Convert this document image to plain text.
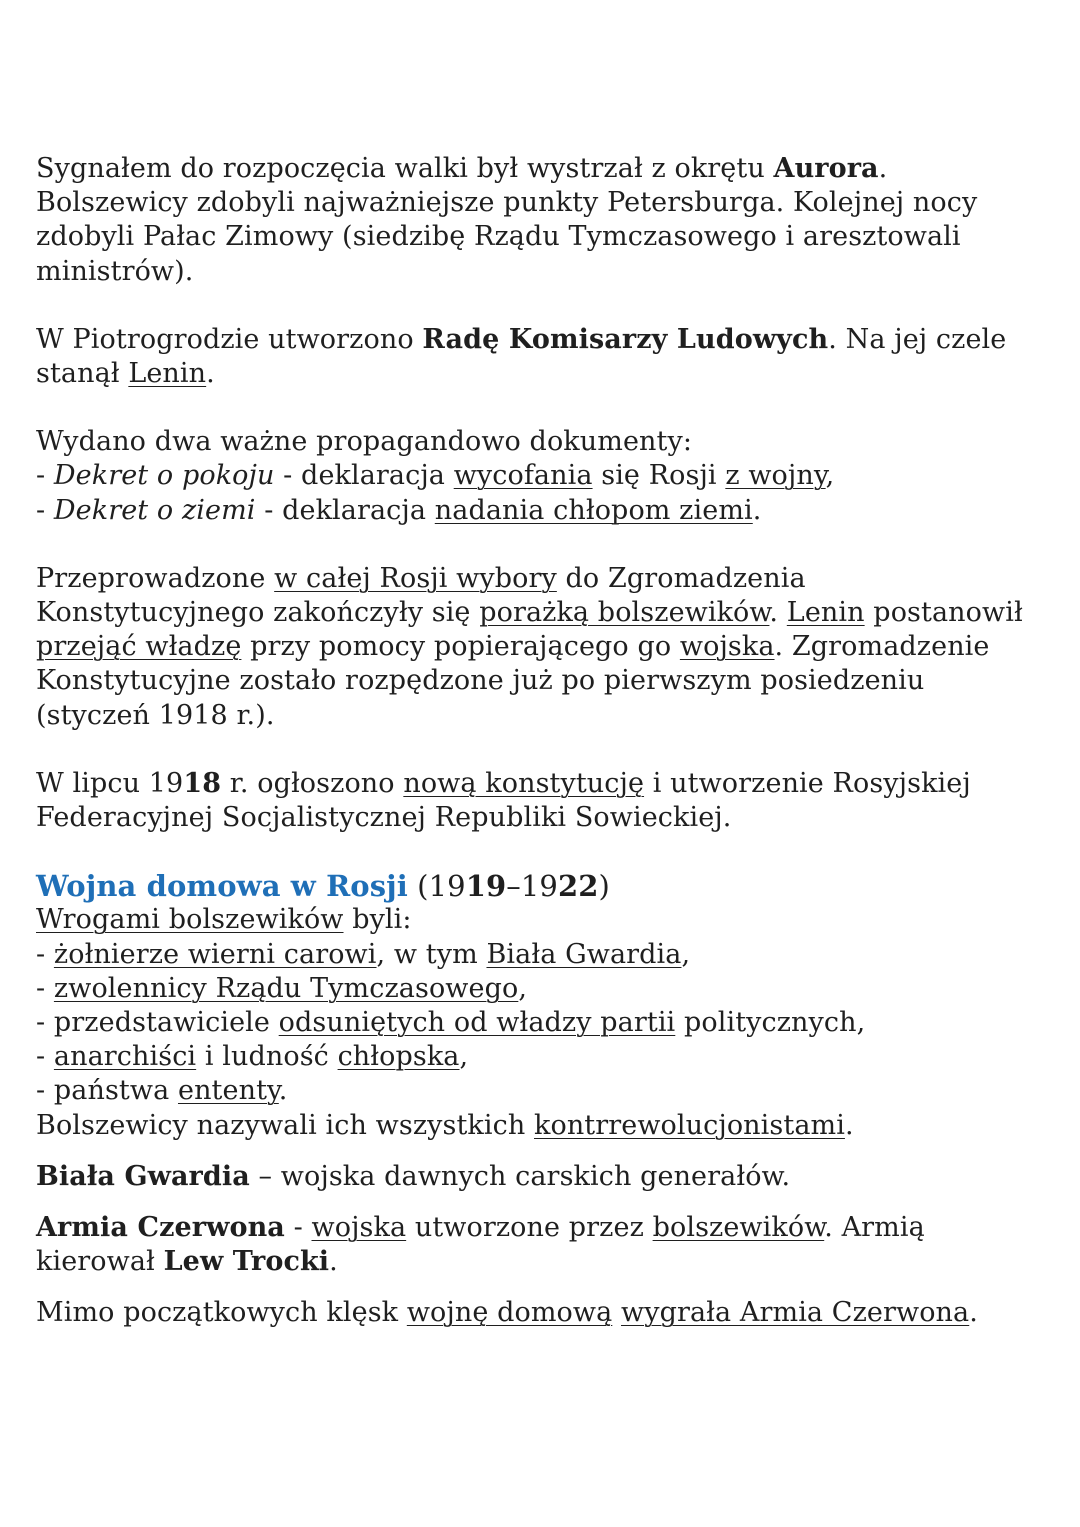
Sygnałem do rozpoczęcia walki był wystrzał z okrętu Aurora. Bolszewicy zdobyli najważniejsze punkty Petersburga. Kolejnej nocy zdobyli Pałac Zimowy (siedzibę Rządu Tymczasowego i aresztowali ministrów).

W Piotrogrodzie utworzono Radę Komisarzy Ludowych. Na jej czele stanął Lenin.

Wydano dwa ważne propagandowo dokumenty:
- Dekret o pokoju - deklaracja wycofania się Rosji z wojny,
- Dekret o ziemi - deklaracja nadania chłopom ziemi.

Przeprowadzone w całej Rosji wybory do Zgromadzenia Konstytucyjnego zakończyły się porażką bolszewików. Lenin postanowił przejąć władzę przy pomocy popierającego go wojska. Zgromadzenie Konstytucyjne zostało rozpędzone już po pierwszym posiedzeniu (styczeń 1918 r.).

W lipcu 1918 r. ogłoszono nową konstytucję i utworzenie Rosyjskiej Federacyjnej Socjalistycznej Republiki Sowieckiej.

Wojna domowa w Rosji (1919–1922)
Wrogami bolszewików byli:
- żołnierze wierni carowi, w tym Biała Gwardia,
- zwolennicy Rządu Tymczasowego,
- przedstawiciele odsuniętych od władzy partii politycznych,
- anarchiści i ludność chłopska,
- państwa ententy.
Bolszewicy nazywali ich wszystkich kontrrewolucjonistami.

Biała Gwardia – wojska dawnych carskich generałów.

Armia Czerwona - wojska utworzone przez bolszewików. Armią kierował Lew Trocki.

Mimo początkowych klęsk wojnę domową wygrała Armia Czerwona.
